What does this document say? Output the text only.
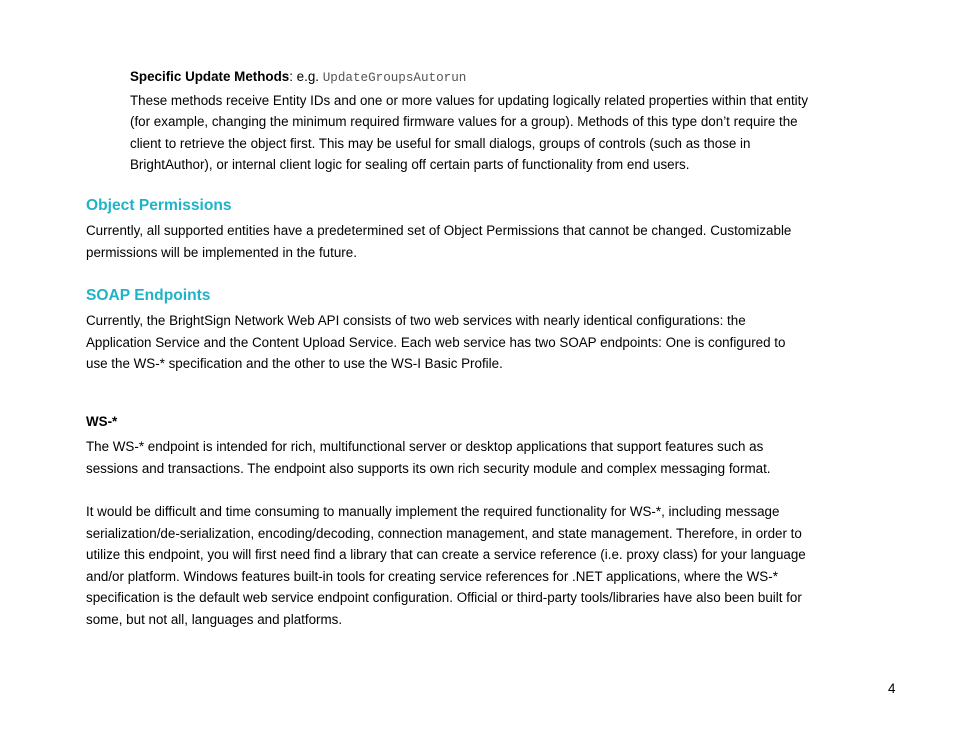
Specific Update Methods: e.g. UpdateGroupsAutorun
These methods receive Entity IDs and one or more values for updating logically related properties within that entity
(for example, changing the minimum required firmware values for a group). Methods of this type don’t require the
client to retrieve the object first. This may be useful for small dialogs, groups of controls (such as those in
BrightAuthor), or internal client logic for sealing off certain parts of functionality from end users.
Object Permissions
Currently, all supported entities have a predetermined set of Object Permissions that cannot be changed. Customizable
permissions will be implemented in the future.
SOAP Endpoints
Currently, the BrightSign Network Web API consists of two web services with nearly identical configurations: the
Application Service and the Content Upload Service. Each web service has two SOAP endpoints: One is configured to
use the WS-* specification and the other to use the WS-I Basic Profile.
WS-*
The WS-* endpoint is intended for rich, multifunctional server or desktop applications that support features such as
sessions and transactions. The endpoint also supports its own rich security module and complex messaging format.
It would be difficult and time consuming to manually implement the required functionality for WS-*, including message
serialization/de-serialization, encoding/decoding, connection management, and state management. Therefore, in order to
utilize this endpoint, you will first need find a library that can create a service reference (i.e. proxy class) for your language
and/or platform. Windows features built-in tools for creating service references for .NET applications, where the WS-*
specification is the default web service endpoint configuration. Official or third-party tools/libraries have also been built for
some, but not all, languages and platforms.
4
